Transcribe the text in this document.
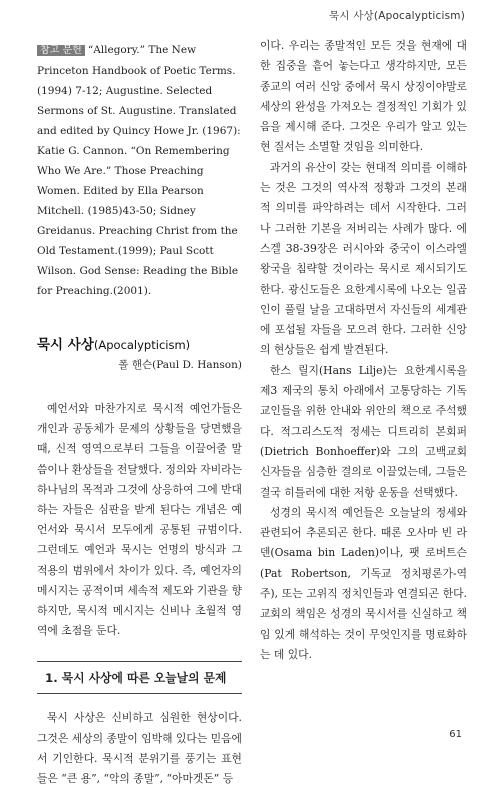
묵시 사상(Apocalypticism)

참고 문헌 “Allegory.” The New Princeton Handbook of Poetic Terms.(1994) 7-12; Augustine. Selected Sermons of St. Augustine. Translated and edited by Quincy Howe Jr. (1967): Katie G. Cannon. “On Remembering Who We Are.” Those Preaching Women. Edited by Ella Pearson Mitchell. (1985)43-50; Sidney Greidanus. Preaching Christ from the Old Testament.(1999); Paul Scott Wilson. God Sense: Reading the Bible for Preaching.(2001).

묵시 사상(Apocalypticism)
폴 핸슨(Paul D. Hanson)

예언서와 마찬가지로 묵시적 예언가들은 개인과 공동체가 문제의 상황들을 당면했을 때, 신적 영역으로부터 그들을 이끌어줄 말씀이나 환상들을 전달했다. 정의와 자비라는 하나님의 목적과 그것에 상응하여 그에 반대하는 자들은 심판을 받게 된다는 개념은 예언서와 묵시서 모두에게 공통된 규범이다. 그런데도 예언과 묵시는 언명의 방식과 그 적용의 범위에서 차이가 있다. 즉, 예언자의 메시지는 공적이며 세속적 제도와 기관을 향하지만, 묵시적 메시지는 신비나 초월적 영역에 초점을 둔다.

1. 묵시 사상에 따른 오늘날의 문제

묵시 사상은 신비하고 심원한 현상이다. 그것은 세상의 종말이 임박해 있다는 믿음에서 기인한다. 묵시적 분위기를 풍기는 표현들은 “큰 용”, “악의 종말”, “아마겟돈” 등

이다. 우리는 종말적인 모든 것을 현재에 대한 집중을 흩어 놓는다고 생각하지만, 모든 종교의 여러 신앙 중에서 묵시 상징이야말로 세상의 완성을 가져오는 결정적인 기회가 있음을 제시해 준다. 그것은 우리가 알고 있는 현 질서는 소멸할 것임을 의미한다.

과거의 유산이 갖는 현대적 의미를 이해하는 것은 그것의 역사적 정황과 그것의 본래적 의미를 파악하려는 데서 시작한다. 그러나 그러한 기본을 저버리는 사례가 많다. 에스겔 38-39장은 러시아와 중국이 이스라엘 왕국을 침략할 것이라는 묵시로 제시되기도 한다. 광신도들은 요한계시록에 나오는 일곱 인이 풀릴 날을 고대하면서 자신들의 세계관에 포섭될 자들을 모으려 한다. 그러한 신앙의 현상들은 쉽게 발견된다.

한스 릴지(Hans Lilje)는 요한계시록을 제3 제국의 통치 아래에서 고통당하는 기독교인들을 위한 안내와 위안의 책으로 주석했다. 적그리스도적 정세는 디트리히 본회퍼(Dietrich Bonhoeffer)와 그의 고백교회 신자들을 심층한 결의로 이끌었는데, 그들은 결국 히틀러에 대한 저항 운동을 선택했다.

성경의 묵시적 예언들은 오늘날의 정세와 관련되어 추론되곤 한다. 때론 오사마 빈 라덴(Osama bin Laden)이나, 팻 로버트슨(Pat Robertson, 기독교 정치평론가-역주), 또는 고위직 정치인들과 연결되곤 한다. 교회의 책임은 성경의 묵시서를 신실하고 책임 있게 해석하는 것이 무엇인지를 명료화하는 데 있다.

61
